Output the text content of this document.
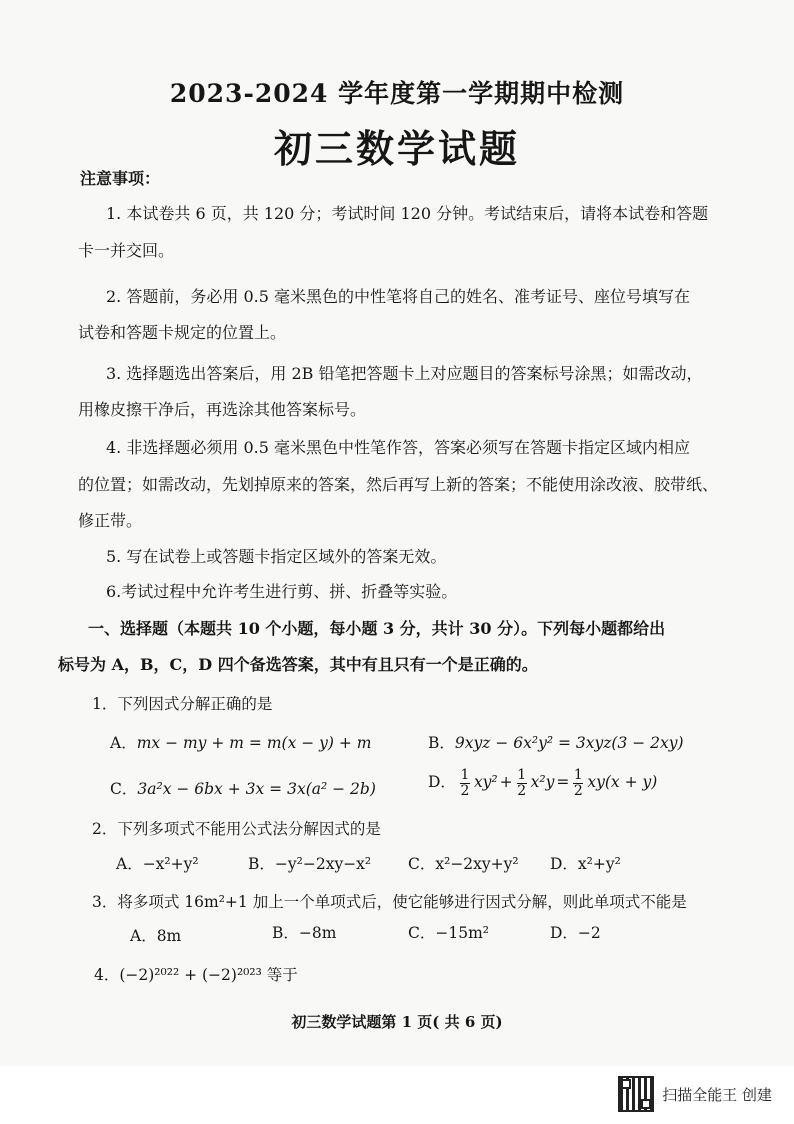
2023-2024 学年度第一学期期中检测
初三数学试题
注意事项：
1. 本试卷共 6 页，共 120 分；考试时间 120 分钟。考试结束后，请将本试卷和答题
卡一并交回。
2. 答题前，务必用 0.5 毫米黑色的中性笔将自己的姓名、准考证号、座位号填写在
试卷和答题卡规定的位置上。
3. 选择题选出答案后，用 2B 铅笔把答题卡上对应题目的答案标号涂黑；如需改动，
用橡皮擦干净后，再选涂其他答案标号。
4. 非选择题必须用 0.5 毫米黑色中性笔作答，答案必须写在答题卡指定区域内相应
的位置；如需改动，先划掉原来的答案，然后再写上新的答案；不能使用涂改液、胶带纸、
修正带。
5. 写在试卷上或答题卡指定区域外的答案无效。
6.考试过程中允许考生进行剪、拼、折叠等实验。
一、选择题（本题共 10 个小题，每小题 3 分，共计 30 分）。下列每小题都给出
标号为 A，B，C，D 四个备选答案，其中有且只有一个是正确的。
1．下列因式分解正确的是
A．mx − my + m = m(x − y) + m	B．9xyz − 6x²y² = 3xyz(3 − 2xy)
C．3a²x − 6bx + 3x = 3x(a² − 2b)	D． $\frac{1}{2} xy^2 + \frac{1}{2} x^2y = \frac{1}{2} xy(x + y)$
2．下列多项式不能用公式法分解因式的是
A．−x²+y²	B．−y²−2xy−x² C．x²−2xy+y² D．x²+y²
3．将多项式 16m²+1 加上一个单项式后，使它能够进行因式分解，则此单项式不能是
A．8m	B．−8m	C．−15m²	D．−2
4．(−2)²⁰²² + (−2)²⁰²³ 等于
初三数学试题第 1 页( 共 6 页)
扫描全能王 创建
